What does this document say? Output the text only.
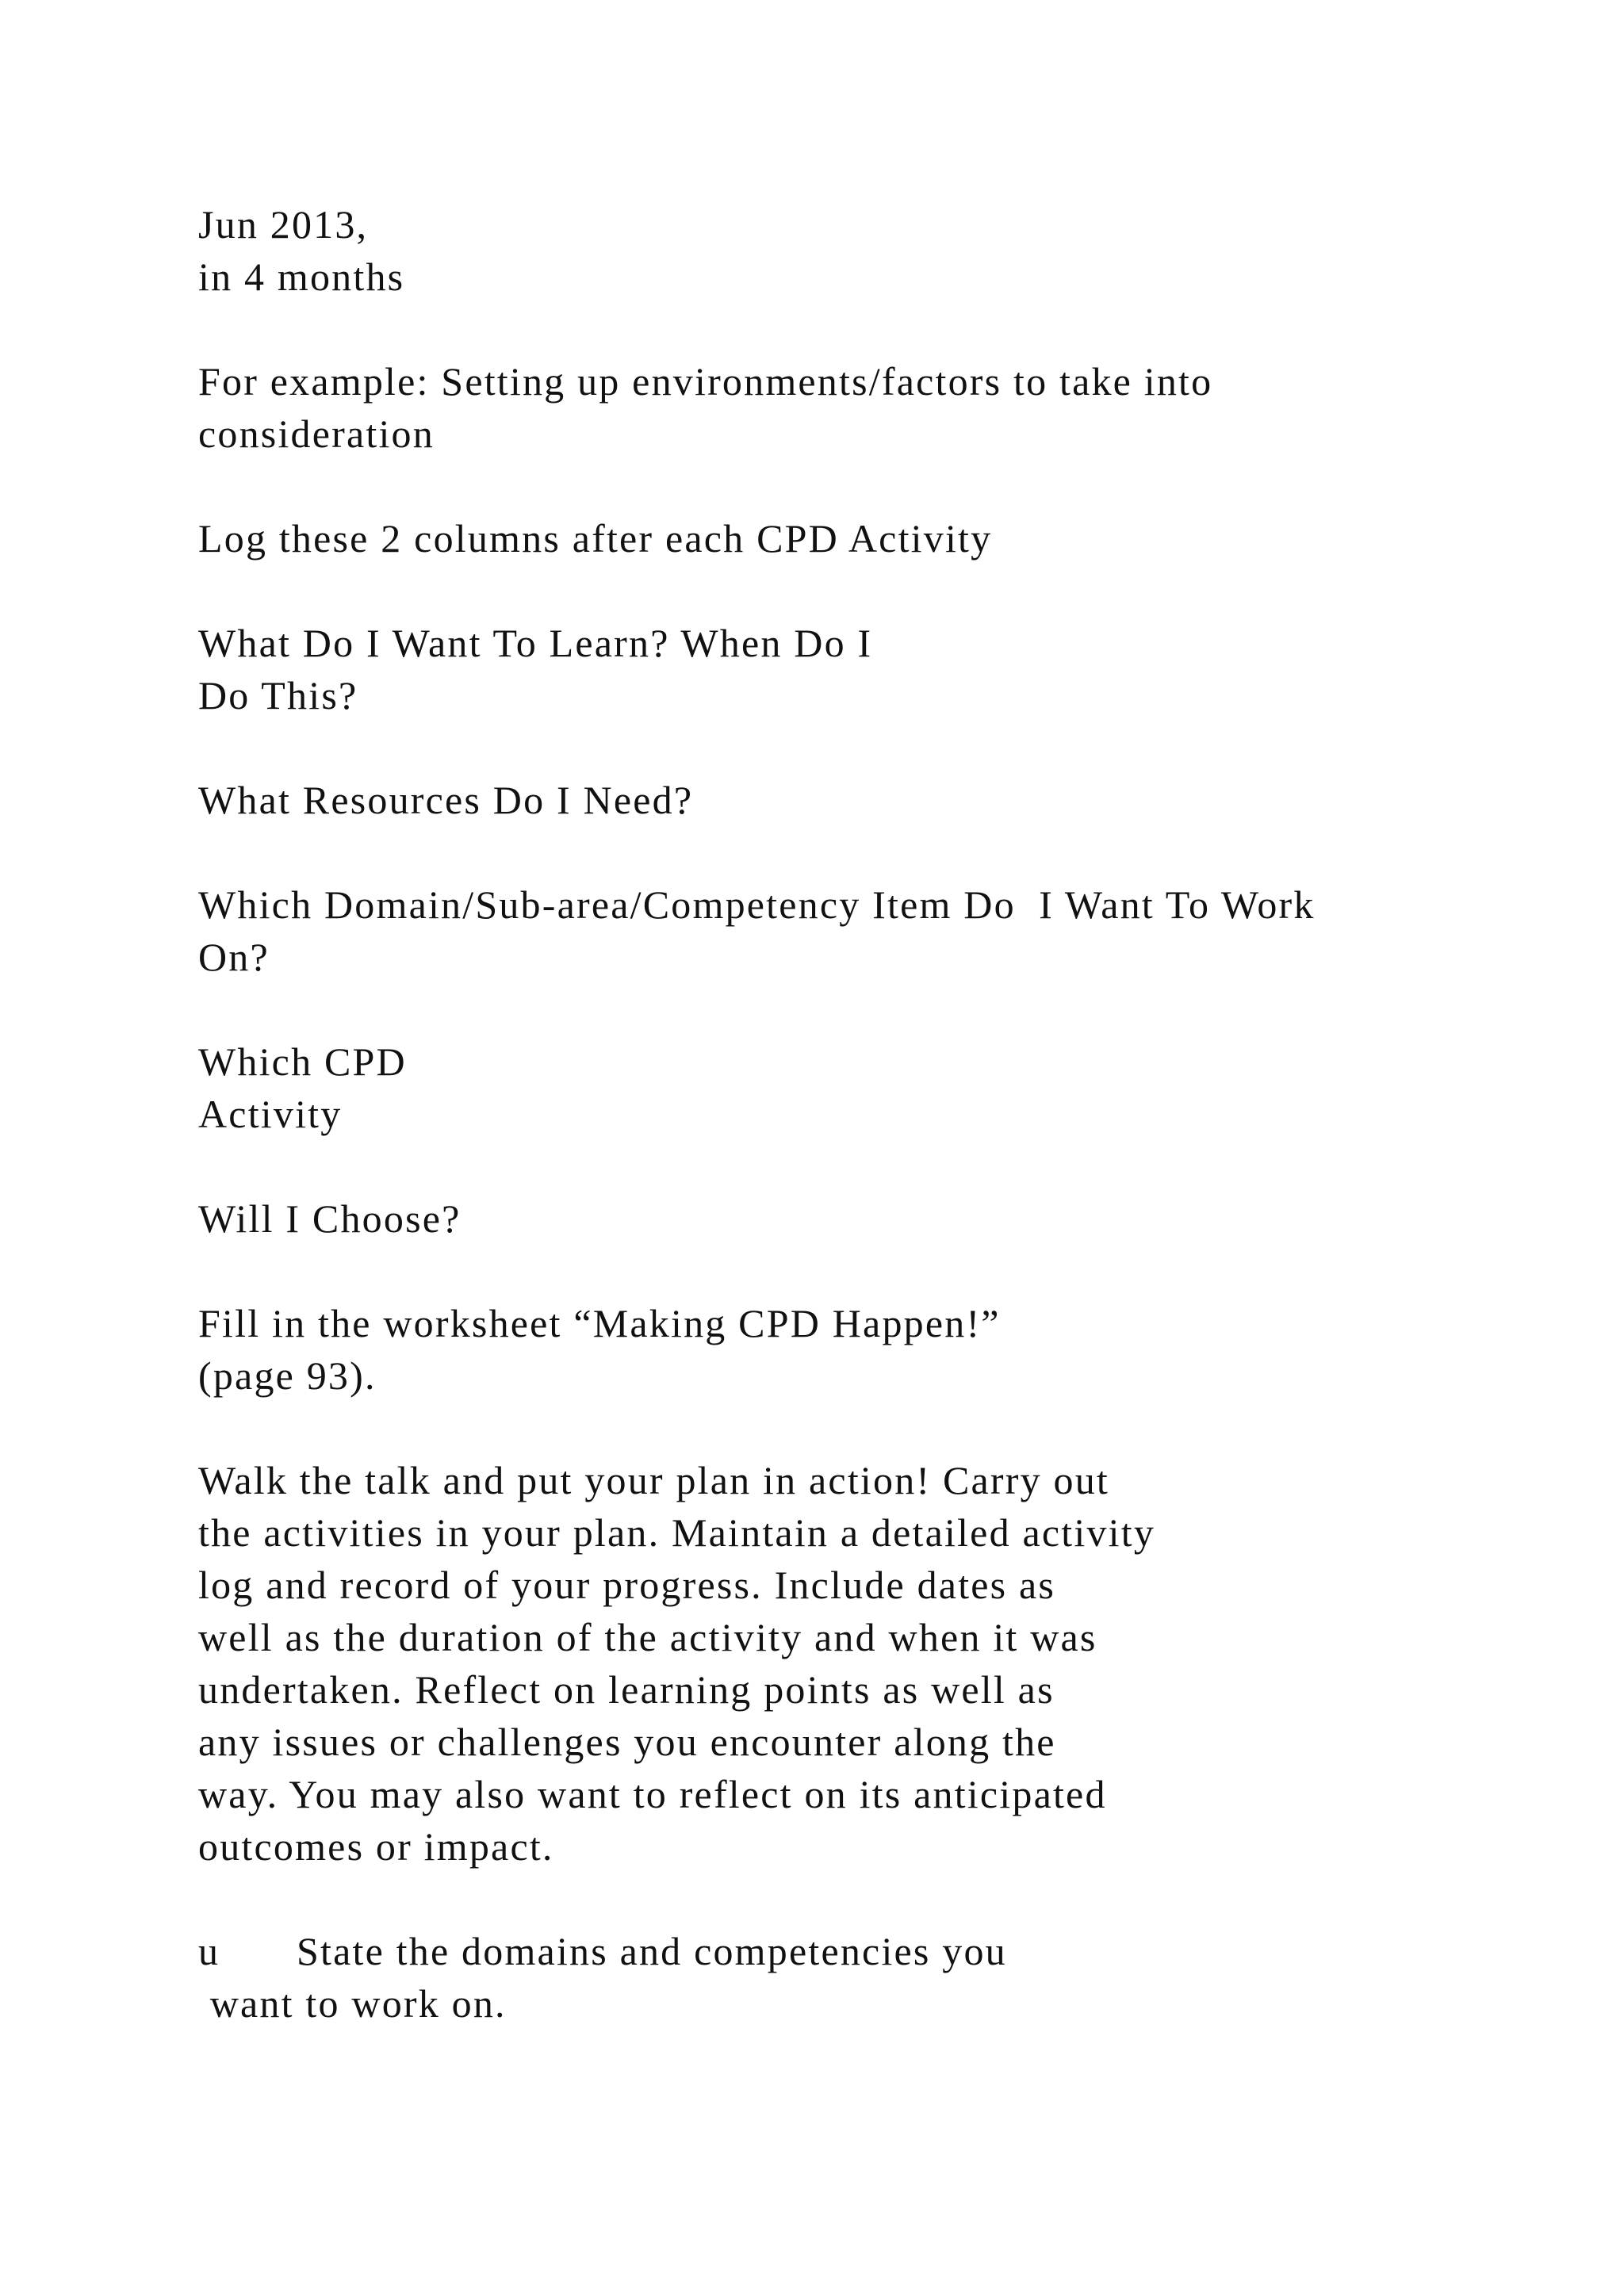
Jun 2013,
in 4 months

For example: Setting up environments/factors to take into
consideration

Log these 2 columns after each CPD Activity

What Do I Want To Learn? When Do I
Do This?

What Resources Do I Need?

Which Domain/Sub-area/Competency Item Do  I Want To Work
On?

Which CPD
Activity

Will I Choose?

Fill in the worksheet “Making CPD Happen!”
(page 93).

Walk the talk and put your plan in action! Carry out
the activities in your plan. Maintain a detailed activity
log and record of your progress. Include dates as
well as the duration of the activity and when it was
undertaken. Reflect on learning points as well as
any issues or challenges you encounter along the
way. You may also want to reflect on its anticipated
outcomes or impact.

u State the domains and competencies you
want to work on.
